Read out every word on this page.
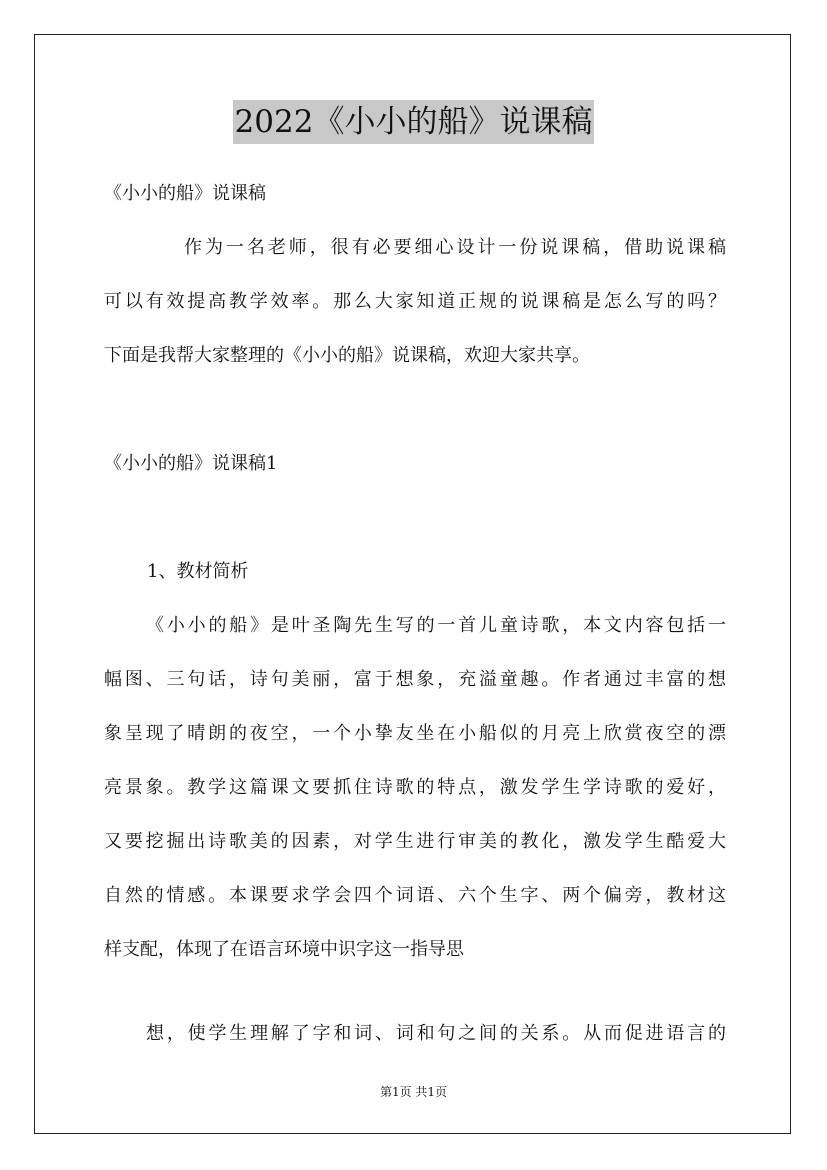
2022《小小的船》说课稿
《小小的船》说课稿
作为一名老师，很有必要细心设计一份说课稿，借助说课稿
可以有效提高教学效率。那么大家知道正规的说课稿是怎么写的吗？
下面是我帮大家整理的《小小的船》说课稿，欢迎大家共享。
《小小的船》说课稿1
1、教材简析
《小小的船》是叶圣陶先生写的一首儿童诗歌，本文内容包括一
幅图、三句话，诗句美丽，富于想象，充溢童趣。作者通过丰富的想
象呈现了晴朗的夜空，一个小挚友坐在小船似的月亮上欣赏夜空的漂
亮景象。教学这篇课文要抓住诗歌的特点，激发学生学诗歌的爱好，
又要挖掘出诗歌美的因素，对学生进行审美的教化，激发学生酷爱大
自然的情感。本课要求学会四个词语、六个生字、两个偏旁，教材这
样支配，体现了在语言环境中识字这一指导思
想，使学生理解了字和词、词和句之间的关系。从而促进语言的
第1页 共1页
